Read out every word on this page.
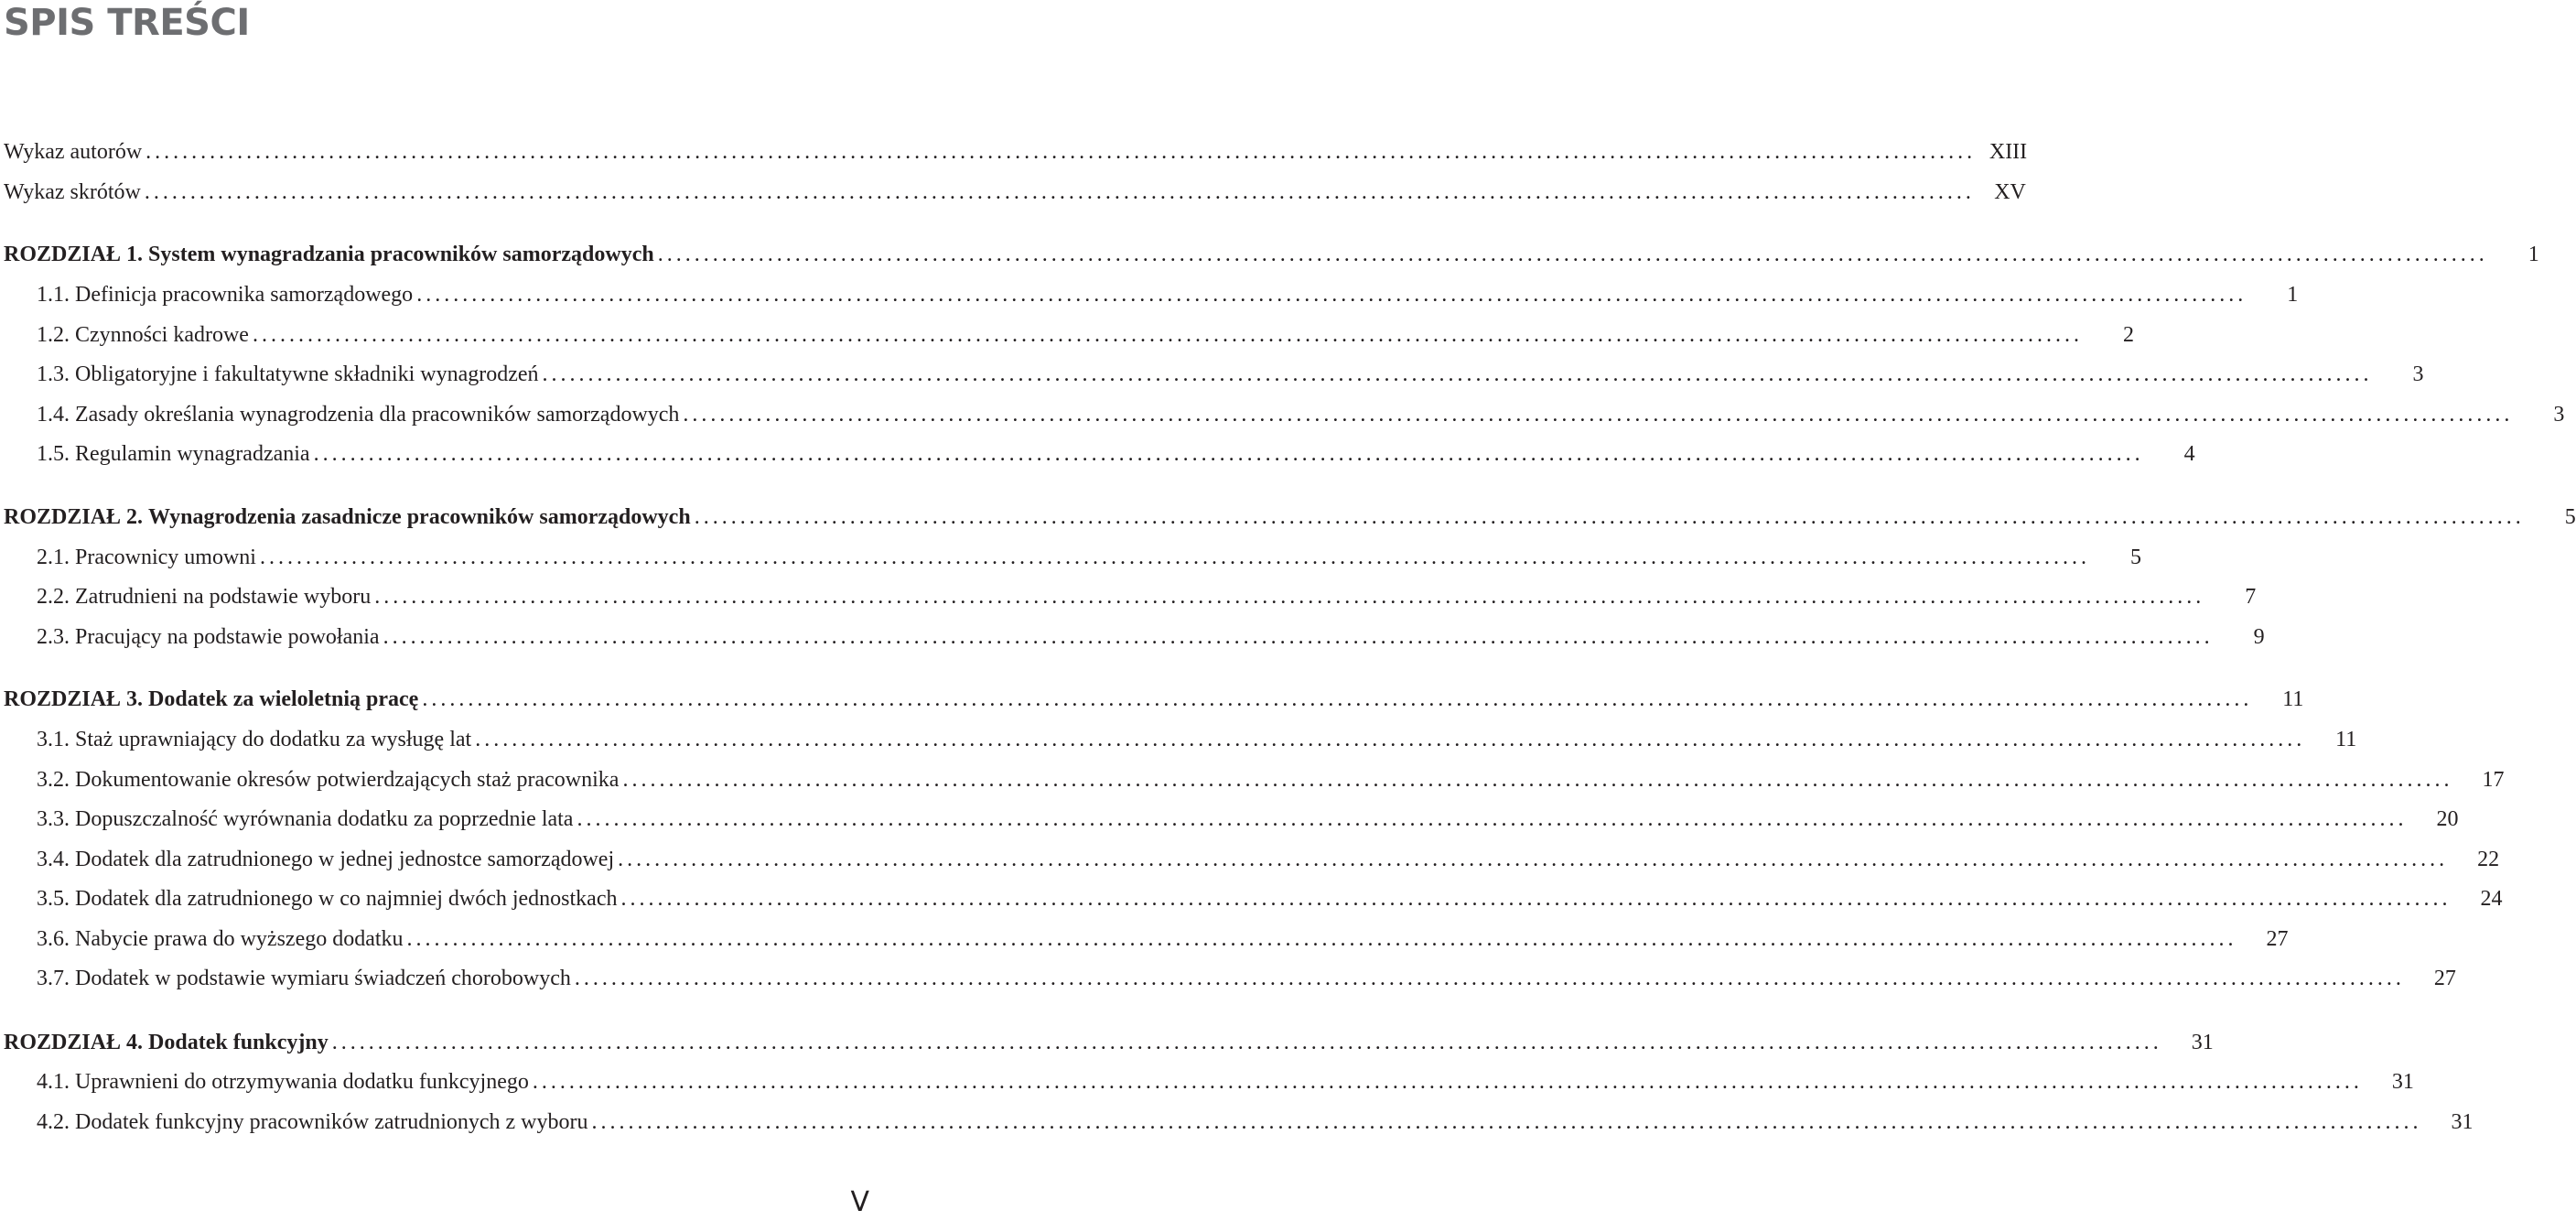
SPIS TREŚCI
Wykaz autorów ........................................................................................................................................................................................................ XIII
Wykaz skrótów ........................................................................................................................................................................................................ XV
ROZDZIAŁ 1. System wynagradzania pracowników samorządowych ........................................................................................................................................................................................................	1
1.1. Definicja pracownika samorządowego ........................................................................................................................................................................................................	1
1.2. Czynności kadrowe ........................................................................................................................................................................................................	2
1.3. Obligatoryjne i fakultatywne składniki wynagrodzeń ........................................................................................................................................................................................................	3
1.4. Zasady określania wynagrodzenia dla pracowników samorządowych ........................................................................................................................................................................................................	3
1.5. Regulamin wynagradzania ........................................................................................................................................................................................................	4
ROZDZIAŁ 2. Wynagrodzenia zasadnicze pracowników samorządowych ........................................................................................................................................................................................................	5
2.1. Pracownicy umowni ........................................................................................................................................................................................................	5
2.2. Zatrudnieni na podstawie wyboru ........................................................................................................................................................................................................	7
2.3. Pracujący na podstawie powołania ........................................................................................................................................................................................................	9
ROZDZIAŁ 3. Dodatek za wieloletnią pracę ........................................................................................................................................................................................................	11
3.1. Staż uprawniający do dodatku za wysługę lat ........................................................................................................................................................................................................	11
3.2. Dokumentowanie okresów potwierdzających staż pracownika ........................................................................................................................................................................................................	17
3.3. Dopuszczalność wyrównania dodatku za poprzednie lata ........................................................................................................................................................................................................	20
3.4. Dodatek dla zatrudnionego w jednej jednostce samorządowej ........................................................................................................................................................................................................	22
3.5. Dodatek dla zatrudnionego w co najmniej dwóch jednostkach ........................................................................................................................................................................................................	24
3.6. Nabycie prawa do wyższego dodatku ........................................................................................................................................................................................................	27
3.7. Dodatek w podstawie wymiaru świadczeń chorobowych ........................................................................................................................................................................................................	27
ROZDZIAŁ 4. Dodatek funkcyjny ........................................................................................................................................................................................................	31
4.1. Uprawnieni do otrzymywania dodatku funkcyjnego ........................................................................................................................................................................................................	31
4.2. Dodatek funkcyjny pracowników zatrudnionych z wyboru ........................................................................................................................................................................................................	31
V
